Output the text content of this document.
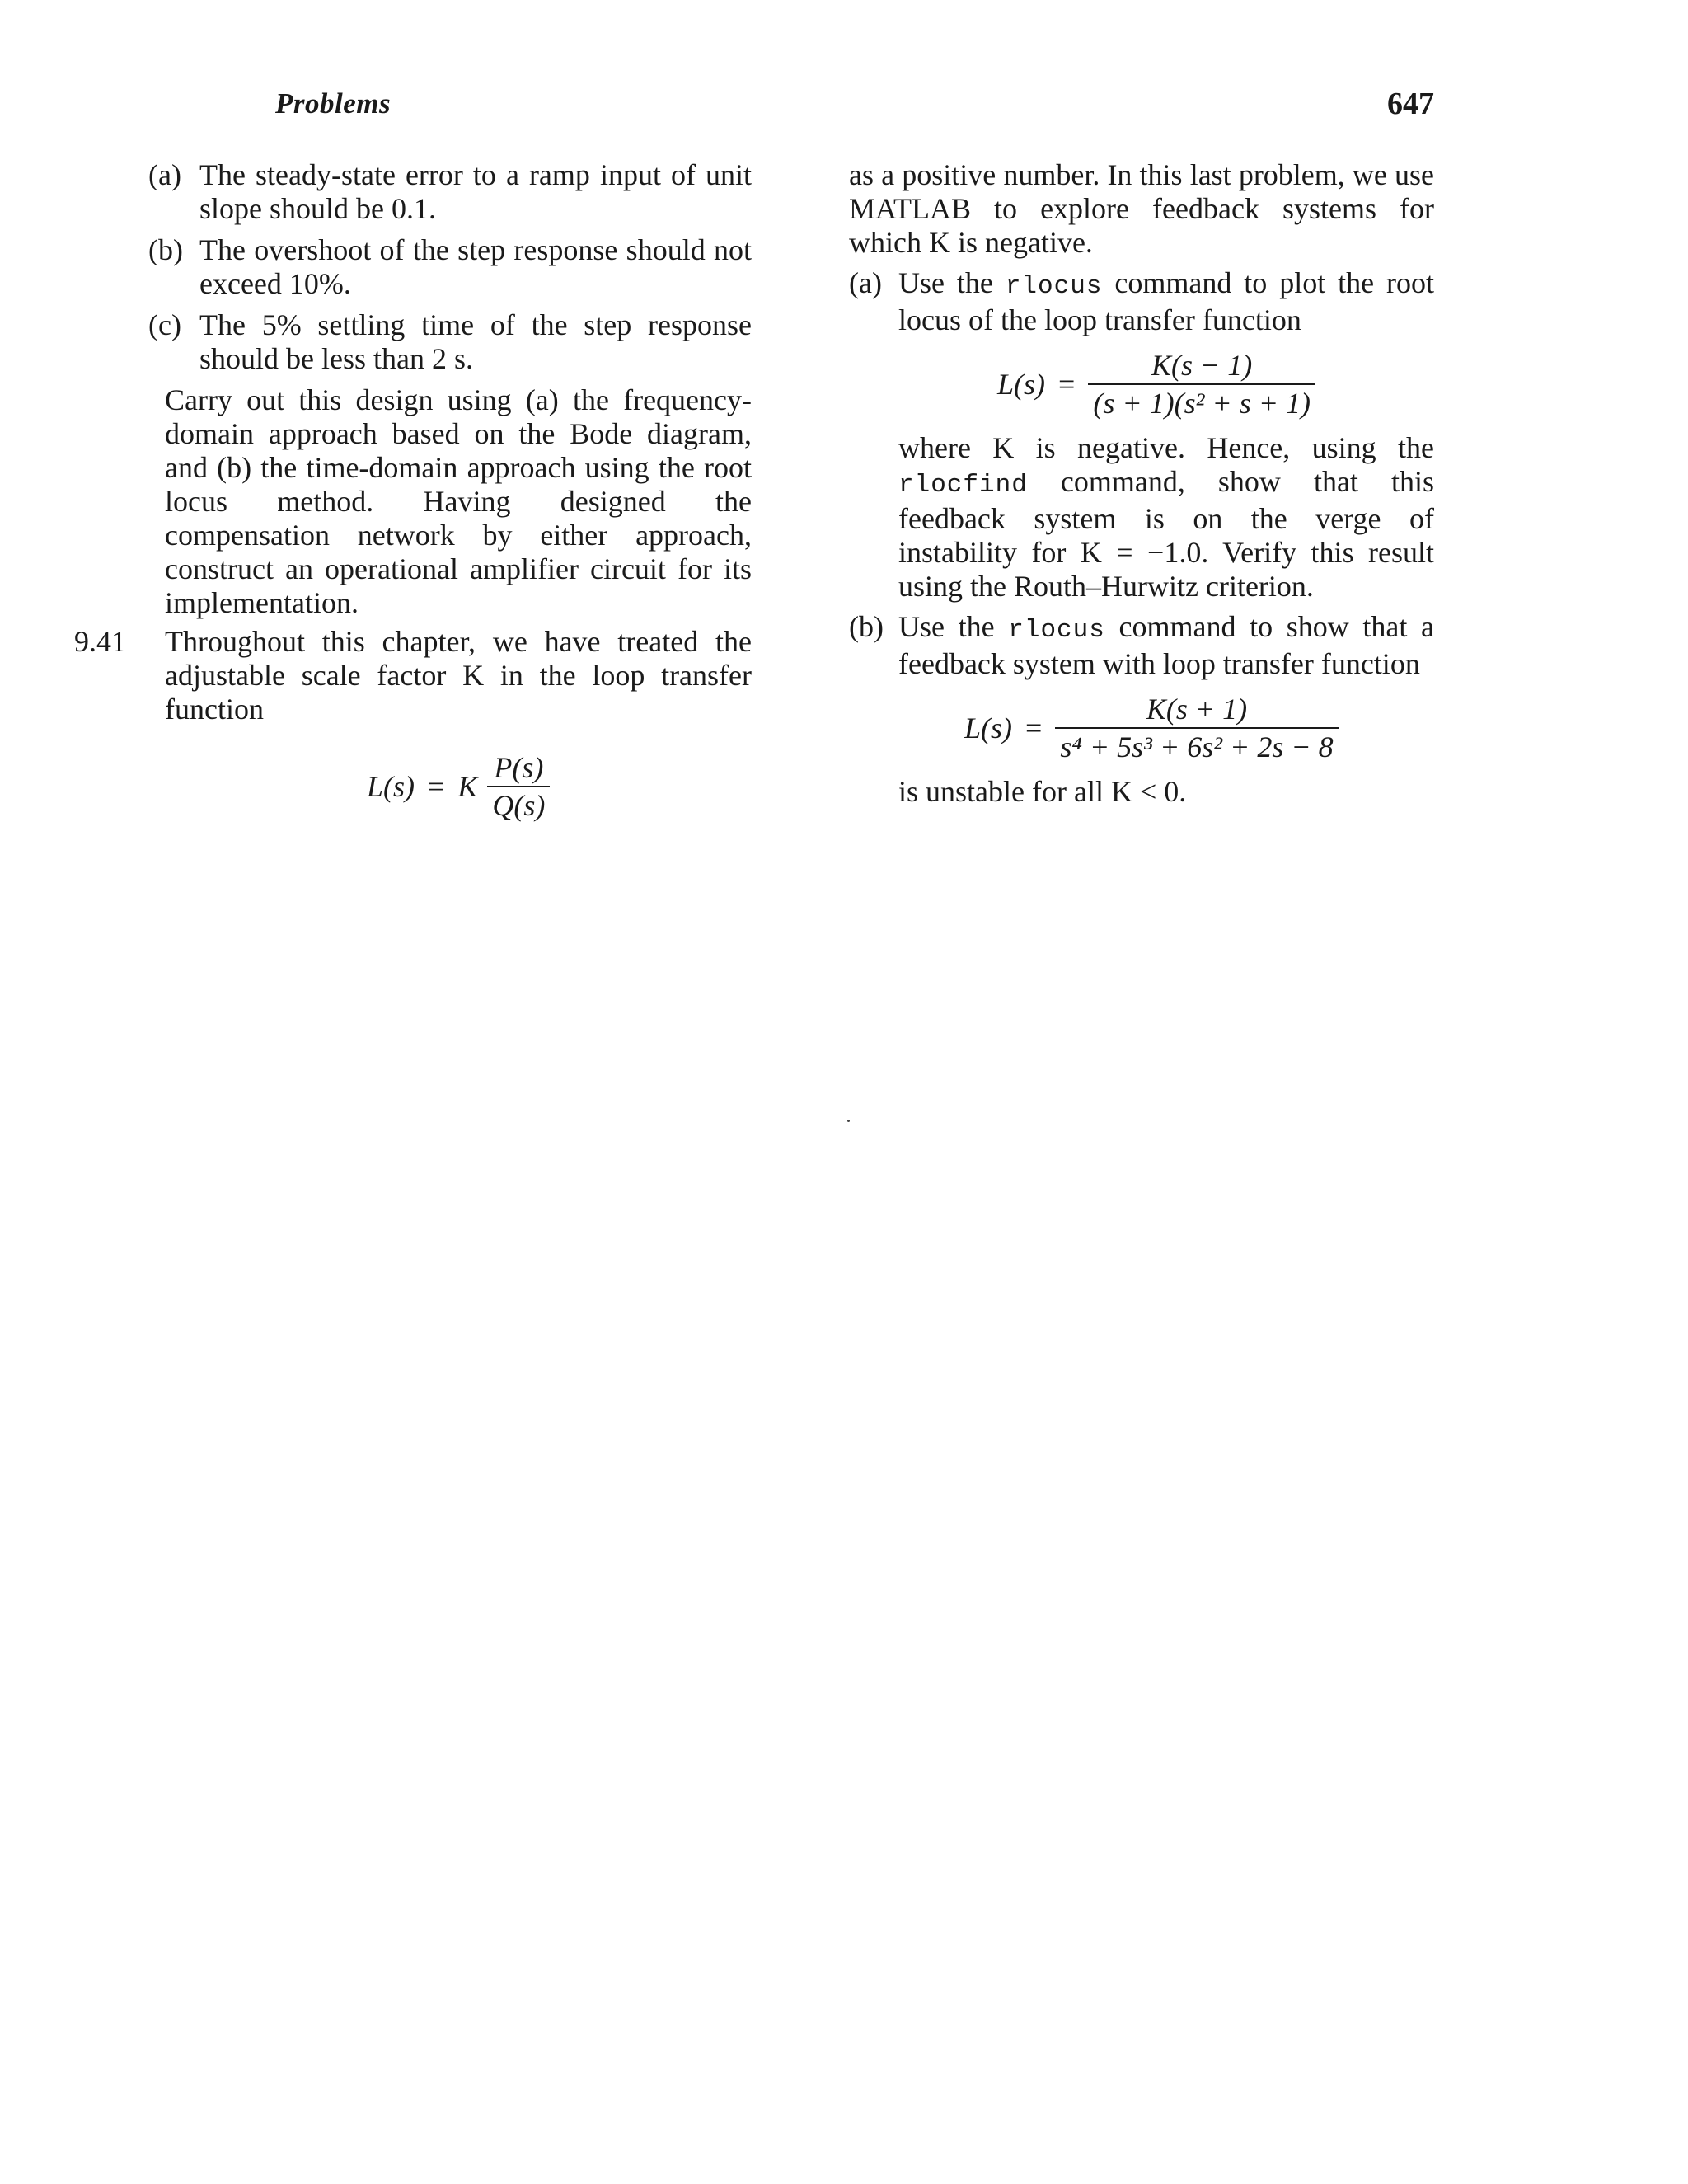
Problems	647
(a) The steady-state error to a ramp input of unit slope should be 0.1.
(b) The overshoot of the step response should not exceed 10%.
(c) The 5% settling time of the step response should be less than 2 s.

Carry out this design using (a) the frequency-domain approach based on the Bode diagram, and (b) the time-domain approach using the root locus method. Having designed the compensation network by either approach, construct an operational amplifier circuit for its implementation.

9.41	Throughout this chapter, we have treated the adjustable scale factor K in the loop transfer function
L(s) = K $\frac{P(s)}{Q(s)}$
as a positive number. In this last problem, we use MATLAB to explore feedback systems for which K is negative.
(a) Use the rlocus command to plot the root locus of the loop transfer function
$L(s) = \frac{K(s - 1)}{\text{(s + 1)(s² + s + 1)}}$
where K is negative. Hence, using the rlocfind command, show that this feedback system is on the verge of instability for K = −1.0. Verify this result using the Routh–Hurwitz criterion.
(b) Use the rlocus command to show that a feedback system with loop transfer function
$L(s) = \frac{K(s + 1)}{\text{s⁴ + 5s³ + 6s² + 2s − 8}}$
is unstable for all K < 0.
